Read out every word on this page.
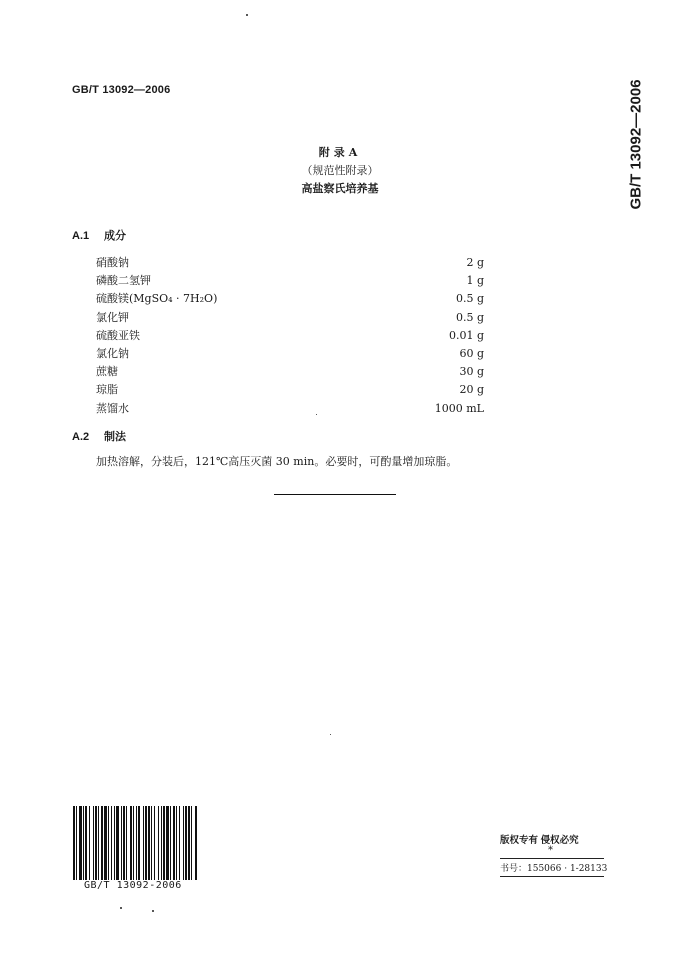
GB/T 13092—2006	GB/T 13092—2006
附录A
（规范性附录）
高盐察氏培养基
A.1 成分
硝酸钠	2 g
磷酸二氢钾	1 g
硫酸镁(MgSO₄ · 7H₂O)	0.5 g
氯化钾	0.5 g
硫酸亚铁	0.01 g
氯化钠	60 g
蔗糖	30 g
琼脂	20 g
蒸馏水	1000 mL
A.2 制法
加热溶解，分装后，121℃高压灭菌 30 min。必要时，可酌量增加琼脂。
GB/T 13092-2006
版权专有 侵权必究
*
书号：155066 · 1-28133
